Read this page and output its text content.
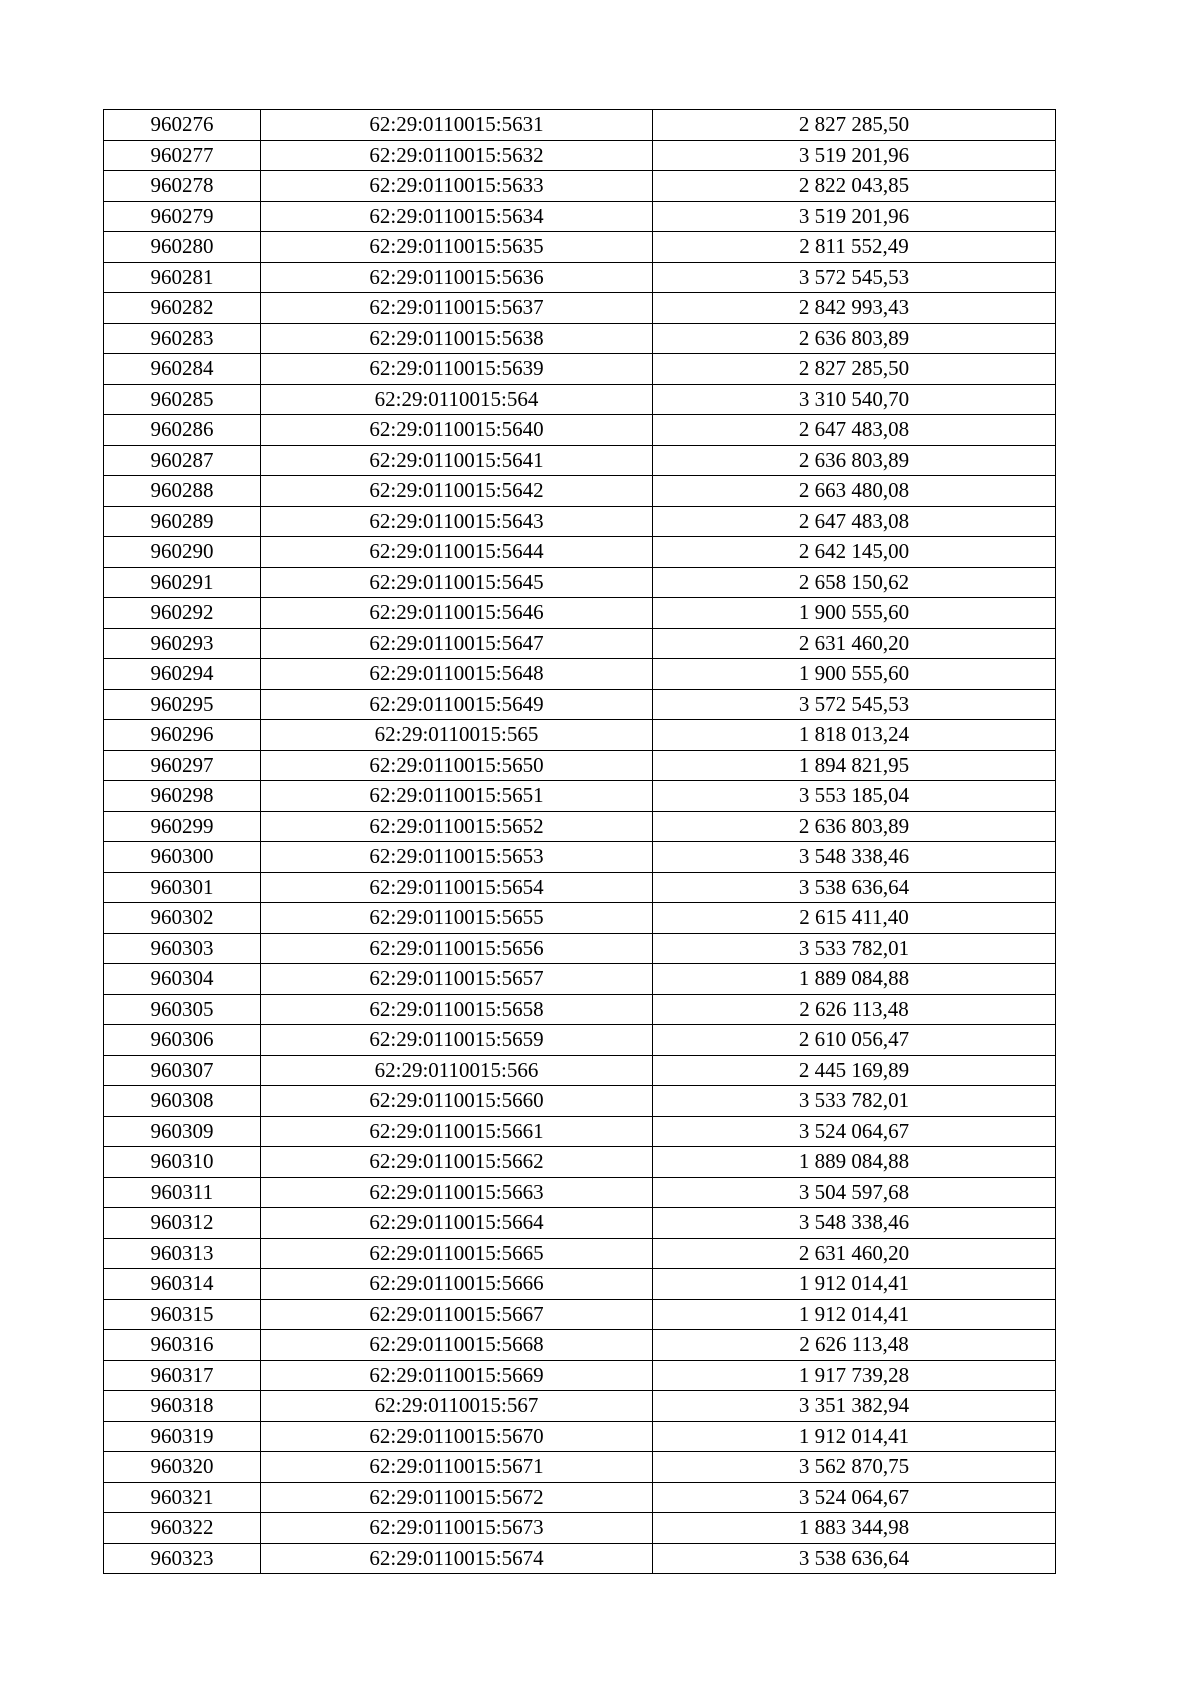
960276	62:29:0110015:5631	2 827 285,50
960277	62:29:0110015:5632	3 519 201,96
960278	62:29:0110015:5633	2 822 043,85
960279	62:29:0110015:5634	3 519 201,96
960280	62:29:0110015:5635	2 811 552,49
960281	62:29:0110015:5636	3 572 545,53
960282	62:29:0110015:5637	2 842 993,43
960283	62:29:0110015:5638	2 636 803,89
960284	62:29:0110015:5639	2 827 285,50
960285	62:29:0110015:564	3 310 540,70
960286	62:29:0110015:5640	2 647 483,08
960287	62:29:0110015:5641	2 636 803,89
960288	62:29:0110015:5642	2 663 480,08
960289	62:29:0110015:5643	2 647 483,08
960290	62:29:0110015:5644	2 642 145,00
960291	62:29:0110015:5645	2 658 150,62
960292	62:29:0110015:5646	1 900 555,60
960293	62:29:0110015:5647	2 631 460,20
960294	62:29:0110015:5648	1 900 555,60
960295	62:29:0110015:5649	3 572 545,53
960296	62:29:0110015:565	1 818 013,24
960297	62:29:0110015:5650	1 894 821,95
960298	62:29:0110015:5651	3 553 185,04
960299	62:29:0110015:5652	2 636 803,89
960300	62:29:0110015:5653	3 548 338,46
960301	62:29:0110015:5654	3 538 636,64
960302	62:29:0110015:5655	2 615 411,40
960303	62:29:0110015:5656	3 533 782,01
960304	62:29:0110015:5657	1 889 084,88
960305	62:29:0110015:5658	2 626 113,48
960306	62:29:0110015:5659	2 610 056,47
960307	62:29:0110015:566	2 445 169,89
960308	62:29:0110015:5660	3 533 782,01
960309	62:29:0110015:5661	3 524 064,67
960310	62:29:0110015:5662	1 889 084,88
960311	62:29:0110015:5663	3 504 597,68
960312	62:29:0110015:5664	3 548 338,46
960313	62:29:0110015:5665	2 631 460,20
960314	62:29:0110015:5666	1 912 014,41
960315	62:29:0110015:5667	1 912 014,41
960316	62:29:0110015:5668	2 626 113,48
960317	62:29:0110015:5669	1 917 739,28
960318	62:29:0110015:567	3 351 382,94
960319	62:29:0110015:5670	1 912 014,41
960320	62:29:0110015:5671	3 562 870,75
960321	62:29:0110015:5672	3 524 064,67
960322	62:29:0110015:5673	1 883 344,98
960323	62:29:0110015:5674	3 538 636,64
